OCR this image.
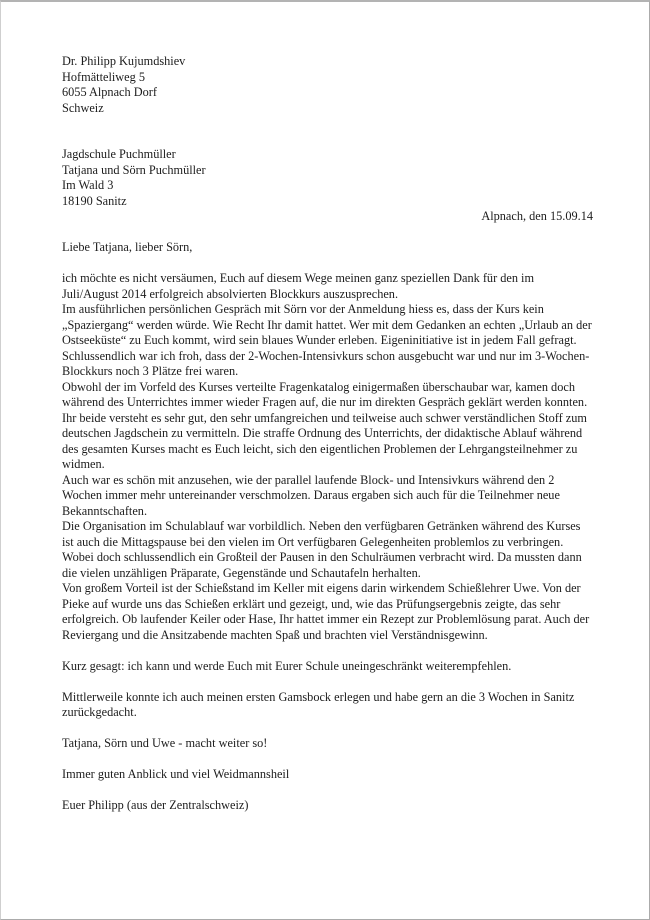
Dr. Philipp Kujumdshiev
Hofmätteliweg 5
6055 Alpnach Dorf
Schweiz
Jagdschule Puchmüller
Tatjana und Sörn Puchmüller
Im Wald 3
18190 Sanitz
Alpnach, den 15.09.14
Liebe Tatjana, lieber Sörn,

ich möchte es nicht versäumen, Euch auf diesem Wege meinen ganz speziellen Dank für den im Juli/August 2014 erfolgreich absolvierten Blockkurs auszusprechen.

Im ausführlichen persönlichen Gespräch mit Sörn vor der Anmeldung hiess es, dass der Kurs kein „Spaziergang“ werden würde. Wie Recht Ihr damit hattet. Wer mit dem Gedanken an echten „Urlaub an der Ostseeküste“ zu Euch kommt, wird sein blaues Wunder erleben. Eigeninitiative ist in jedem Fall gefragt.

Schlussendlich war ich froh, dass der 2-Wochen-Intensivkurs schon ausgebucht war und nur im 3-Wochen-Blockkurs noch 3 Plätze frei waren.

Obwohl der im Vorfeld des Kurses verteilte Fragenkatalog einigermaßen überschaubar war, kamen doch während des Unterrichtes immer wieder Fragen auf, die nur im direkten Gespräch geklärt werden konnten.

Ihr beide versteht es sehr gut, den sehr umfangreichen und teilweise auch schwer verständlichen Stoff zum deutschen Jagdschein zu vermitteln. Die straffe Ordnung des Unterrichts, der didaktische Ablauf während des gesamten Kurses macht es Euch leicht, sich den eigentlichen Problemen der Lehrgangsteilnehmer zu widmen.

Auch war es schön mit anzusehen, wie der parallel laufende Block- und Intensivkurs während den 2 Wochen immer mehr untereinander verschmolzen. Daraus ergaben sich auch für die Teilnehmer neue Bekanntschaften.

Die Organisation im Schulablauf war vorbildlich. Neben den verfügbaren Getränken während des Kurses ist auch die Mittagspause bei den vielen im Ort verfügbaren Gelegenheiten problemlos zu verbringen. Wobei doch schlussendlich ein Großteil der Pausen in den Schulräumen verbracht wird. Da mussten dann die vielen unzähligen Präparate, Gegenstände und Schautafeln herhalten.

Von großem Vorteil ist der Schießstand im Keller mit eigens darin wirkendem Schießlehrer Uwe. Von der Pieke auf wurde uns das Schießen erklärt und gezeigt, und, wie das Prüfungsergebnis zeigte, das sehr erfolgreich. Ob laufender Keiler oder Hase, Ihr hattet immer ein Rezept zur Problemlösung parat. Auch der Reviergang und die Ansitzabende machten Spaß und brachten viel Verständnisgewinn.

Kurz gesagt: ich kann und werde Euch mit Eurer Schule uneingeschränkt weiterempfehlen.

Mittlerweile konnte ich auch meinen ersten Gamsbock erlegen und habe gern an die 3 Wochen in Sanitz zurückgedacht.

Tatjana, Sörn und Uwe - macht weiter so!

Immer guten Anblick und viel Weidmannsheil

Euer Philipp (aus der Zentralschweiz)
